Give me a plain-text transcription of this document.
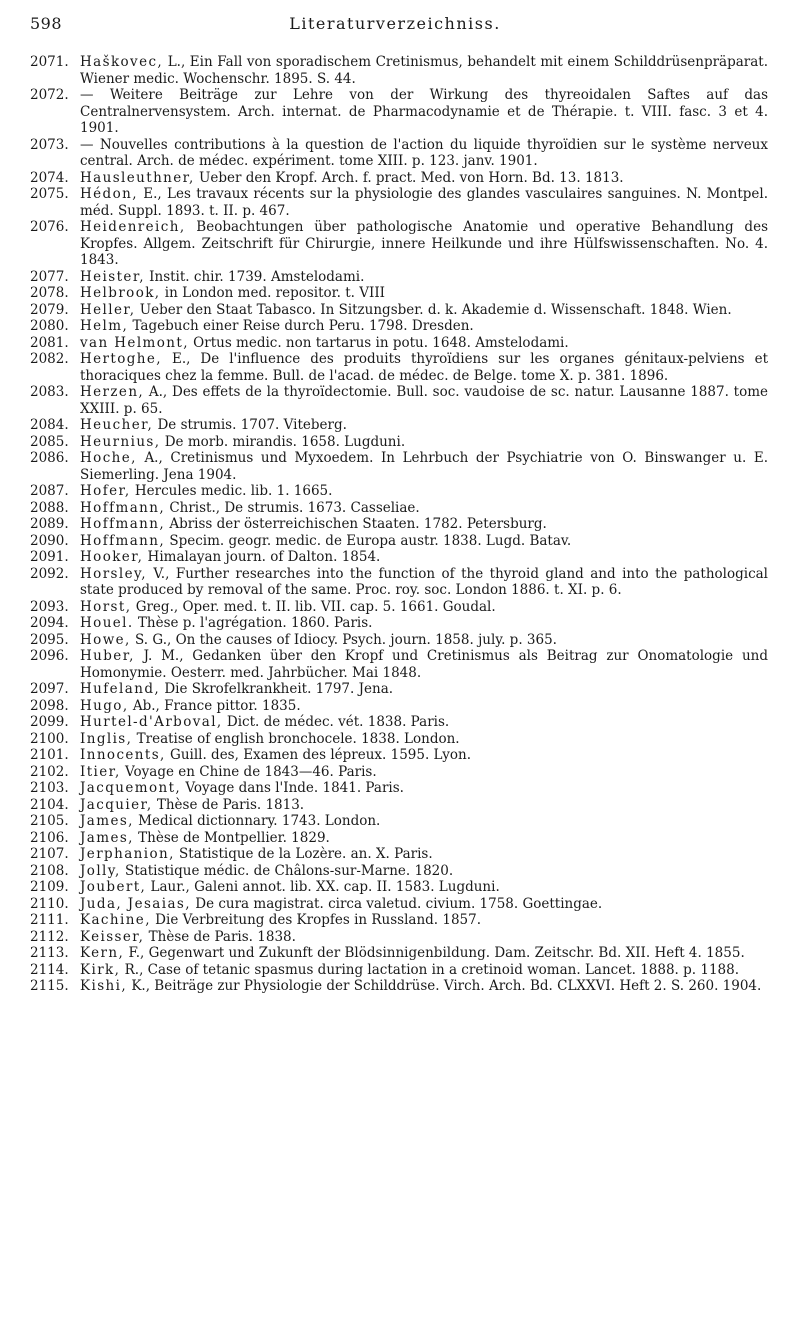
598	Literaturverzeichniss.
2071. Haškovec, L., Ein Fall von sporadischem Cretinismus, behandelt mit einem Schilddrüsenpräparat. Wiener medic. Wochenschr. 1895. S. 44.
2072. — Weitere Beiträge zur Lehre von der Wirkung des thyreoidalen Saftes auf das Centralnervensystem. Arch. internat. de Pharmacodynamie et de Thérapie. t. VIII. fasc. 3 et 4. 1901.
2073. — Nouvelles contributions à la question de l'action du liquide thyroïdien sur le système nerveux central. Arch. de médec. expériment. tome XIII. p. 123. janv. 1901.
2074. Hausleuthner, Ueber den Kropf. Arch. f. pract. Med. von Horn. Bd. 13. 1813.
2075. Hédon, E., Les travaux récents sur la physiologie des glandes vasculaires sanguines. N. Montpel. méd. Suppl. 1893. t. II. p. 467.
2076. Heidenreich, Beobachtungen über pathologische Anatomie und operative Behandlung des Kropfes. Allgem. Zeitschrift für Chirurgie, innere Heilkunde und ihre Hülfswissenschaften. No. 4. 1843.
2077. Heister, Instit. chir. 1739. Amstelodami.
2078. Helbrook, in London med. repositor. t. VIII
2079. Heller, Ueber den Staat Tabasco. In Sitzungsber. d. k. Akademie d. Wissenschaft. 1848. Wien.
2080. Helm, Tagebuch einer Reise durch Peru. 1798. Dresden.
2081. van Helmont, Ortus medic. non tartarus in potu. 1648. Amstelodami.
2082. Hertoghe, E., De l'influence des produits thyroïdiens sur les organes génitaux-pelviens et thoraciques chez la femme. Bull. de l'acad. de médec. de Belge. tome X. p. 381. 1896.
2083. Herzen, A., Des effets de la thyroïdectomie. Bull. soc. vaudoise de sc. natur. Lausanne 1887. tome XXIII. p. 65.
2084. Heucher, De strumis. 1707. Viteberg.
2085. Heurnius, De morb. mirandis. 1658. Lugduni.
2086. Hoche, A., Cretinismus und Myxoedem. In Lehrbuch der Psychiatrie von O. Binswanger u. E. Siemerling. Jena 1904.
2087. Hofer, Hercules medic. lib. 1. 1665.
2088. Hoffmann, Christ., De strumis. 1673. Casseliae.
2089. Hoffmann, Abriss der österreichischen Staaten. 1782. Petersburg.
2090. Hoffmann, Specim. geogr. medic. de Europa austr. 1838. Lugd. Batav.
2091. Hooker, Himalayan journ. of Dalton. 1854.
2092. Horsley, V., Further researches into the function of the thyroid gland and into the pathological state produced by removal of the same. Proc. roy. soc. London 1886. t. XI. p. 6.
2093. Horst, Greg., Oper. med. t. II. lib. VII. cap. 5. 1661. Goudal.
2094. Houel. Thèse p. l'agrégation. 1860. Paris.
2095. Howe, S. G., On the causes of Idiocy. Psych. journ. 1858. july. p. 365.
2096. Huber, J. M., Gedanken über den Kropf und Cretinismus als Beitrag zur Onomatologie und Homonymie. Oesterr. med. Jahrbücher. Mai 1848.
2097. Hufeland, Die Skrofelkrankheit. 1797. Jena.
2098. Hugo, Ab., France pittor. 1835.
2099. Hurtel-d'Arboval, Dict. de médec. vét. 1838. Paris.
2100. Inglis, Treatise of english bronchocele. 1838. London.
2101. Innocents, Guill. des, Examen des lépreux. 1595. Lyon.
2102. Itier, Voyage en Chine de 1843—46. Paris.
2103. Jacquemont, Voyage dans l'Inde. 1841. Paris.
2104. Jacquier, Thèse de Paris. 1813.
2105. James, Medical dictionnary. 1743. London.
2106. James, Thèse de Montpellier. 1829.
2107. Jerphanion, Statistique de la Lozère. an. X. Paris.
2108. Jolly, Statistique médic. de Châlons-sur-Marne. 1820.
2109. Joubert, Laur., Galeni annot. lib. XX. cap. II. 1583. Lugduni.
2110. Juda, Jesaias, De cura magistrat. circa valetud. civium. 1758. Goettingae.
2111. Kachine, Die Verbreitung des Kropfes in Russland. 1857.
2112. Keisser, Thèse de Paris. 1838.
2113. Kern, F., Gegenwart und Zukunft der Blödsinnigenbildung. Dam. Zeitschr. Bd. XII. Heft 4. 1855.
2114. Kirk, R., Case of tetanic spasmus during lactation in a cretinoid woman. Lancet. 1888. p. 1188.
2115. Kishi, K., Beiträge zur Physiologie der Schilddrüse. Virch. Arch. Bd. CLXXVI. Heft 2. S. 260. 1904.
